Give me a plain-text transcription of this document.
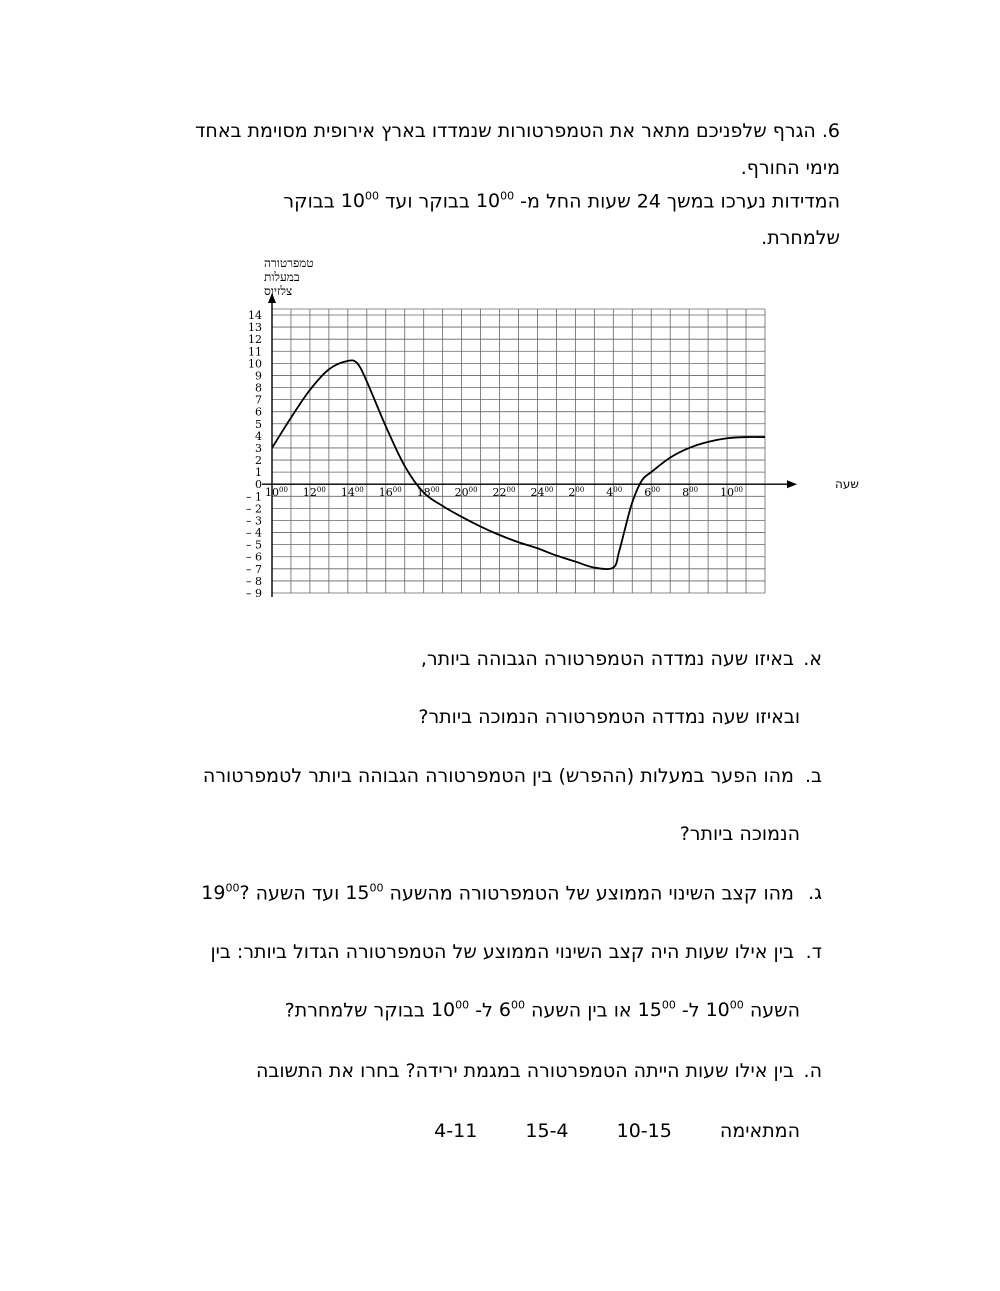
6. הגרף שלפניכם מתאר את הטמפרטורות שנמדדו בארץ אירופית מסוימת באחד
מימי החורף.
המדידות נערכו במשך 24 שעות החל מ- $10^{00}$ בבוקר ועד $10^{00}$ בבוקר
שלמחרת.
טמפרטורה
במעלות
צלזיוס
שעה
14
13
12
11
10
9
8
7
6
5
4
3
2
1
0
– 1
– 2
– 3
– 4
– 5
– 6
– 7
– 8
– 9
$10^{00}$ $12^{00}$ $14^{00}$ $16^{00}$ $18^{00}$ $20^{00}$ $22^{00}$ $24^{00}$ $2^{00}$ $4^{00}$ $6^{00}$ $8^{00}$ $10^{00}$
א. באיזו שעה נמדדה הטמפרטורה הגבוהה ביותר,
ובאיזו שעה נמדדה הטמפרטורה הנמוכה ביותר?
ב. מהו הפער במעלות (ההפרש) בין הטמפרטורה הגבוהה ביותר לטמפרטורה
הנמוכה ביותר?
ג. מהו קצב השינוי הממוצע של הטמפרטורה מהשעה $15^{00}$ ועד השעה $19^{00}$?
ד. בין אילו שעות היה קצב השינוי הממוצע של הטמפרטורה הגדול ביותר: בין
השעה $10^{00}$ ל- $15^{00}$ או בין השעה $6^{00}$ ל- $10^{00}$ בבוקר שלמחרת?
ה. בין אילו שעות הייתה הטמפרטורה במגמת ירידה? בחרו את התשובה
המתאימה  10-15  15-4  4-11
